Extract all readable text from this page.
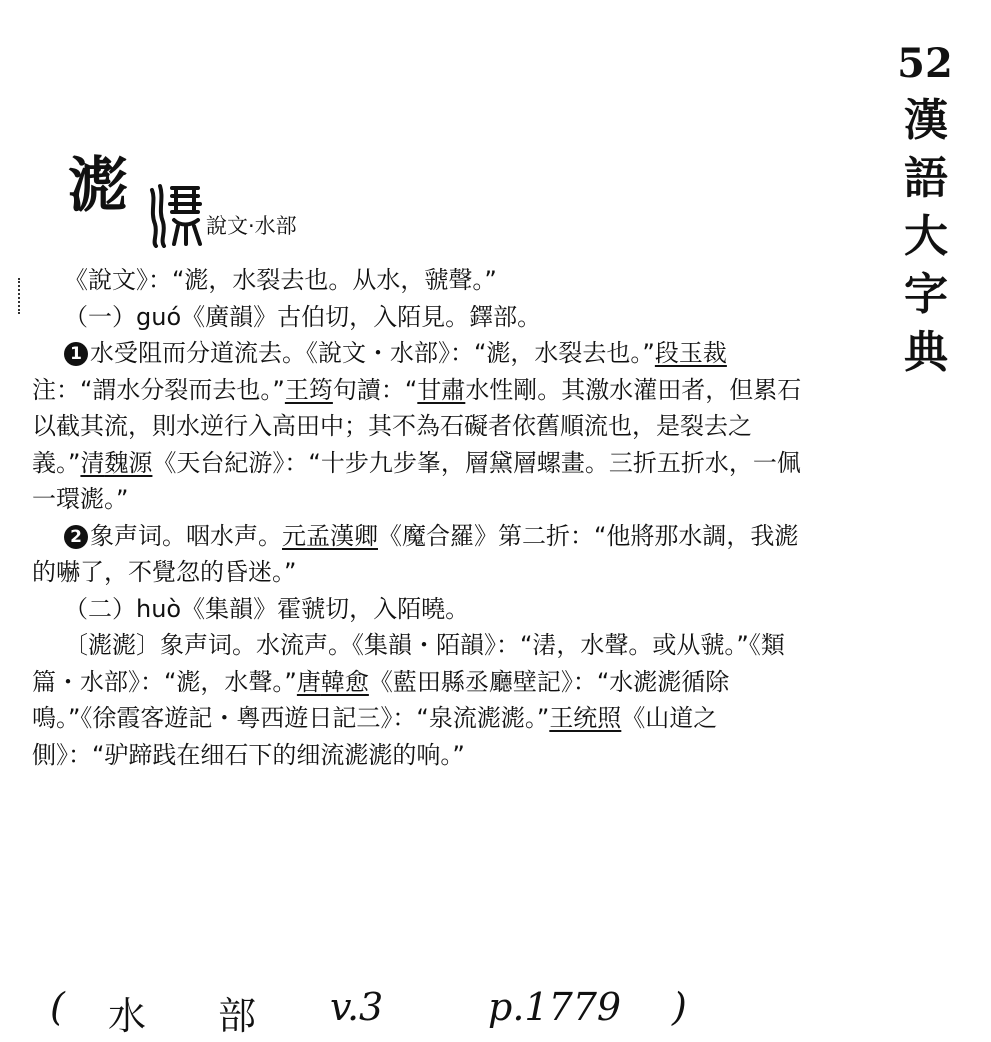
52
漢
語
大
字
典
滮
說文·水部

《說文》：“滮，水裂去也。从水，虢聲。”

（一）guó《廣韻》古伯切，入陌見。鐸部。

1 水受阻而分道流去。《說文・水部》：“滮，水裂去也。”段玉裁注：“謂水分裂而去也。”王筠句讀：“甘肅水性剛。其激水灌田者，但累石以截其流，則水逆行入高田中；其不為石礙者依舊順流也，是裂去之義。”清魏源《天台紀游》：“十步九步峯，層黛層螺畫。三折五折水，一佩一環滮。”

2 象声词。咽水声。元孟漢卿《魔合羅》第二折：“他將那水調，我滮的嚇了，不覺忽的昏迷。”

（二）huò《集韻》霍虢切，入陌曉。

〔滮滮〕象声词。水流声。《集韻・陌韻》：“湱，水聲。或从虢。”《類篇・水部》：“滮，水聲。”唐韓愈《藍田縣丞廳壁記》：“水滮滮循除鳴。”《徐霞客遊記・粵西遊日記三》：“泉流滮滮。”王统照《山道之側》：“驴蹄践在细石下的细流滮滮的响。”

( 水 部 v.3	p.1779 )
